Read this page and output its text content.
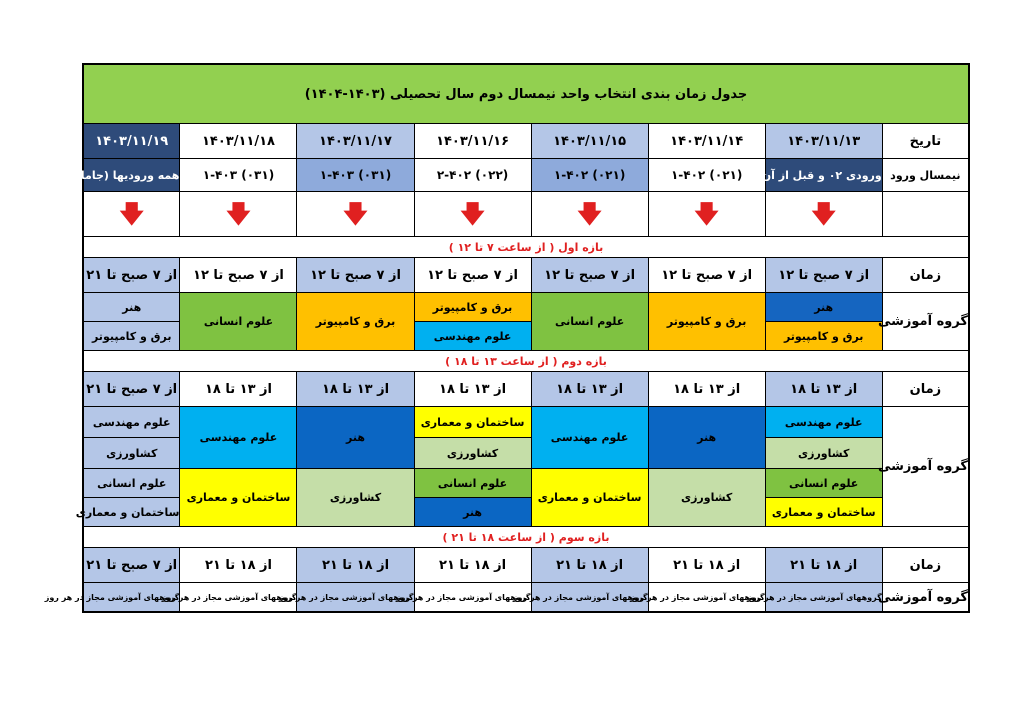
جدول زمان بندی انتخاب واحد نیمسال دوم سال تحصیلی (۱۴۰۳-۱۴۰۴)							
تاریخ	۱۴۰۳/۱۱/۱۳	۱۴۰۳/۱۱/۱۴	۱۴۰۳/۱۱/۱۵	۱۴۰۳/۱۱/۱۶	۱۴۰۳/۱۱/۱۷	۱۴۰۳/۱۱/۱۸	۱۴۰۳/۱۱/۱۹
نیمسال ورود	ورودی ۰۲ و قبل از آن	(۰۲۱) ۱-۴۰۲	(۰۲۱) ۱-۴۰۲	(۰۲۲) ۲-۴۰۲	(۰۳۱) ۱-۴۰۳	(۰۳۱) ۱-۴۰۳	همه ورودیها (جامانده)
	🡇	🡇	🡇	🡇	🡇	🡇	🡇
بازه اول ( از ساعت ۷ تا ۱۲ )							
زمان	از ۷ صبح تا ۱۲	از ۷ صبح تا ۱۲	از ۷ صبح تا ۱۲	از ۷ صبح تا ۱۲	از ۷ صبح تا ۱۲	از ۷ صبح تا ۱۲	از ۷ صبح تا ۲۱
گروه آموزشی	هنر	برق و کامپیوتر	علوم انسانی	برق و کامپیوتر	برق و کامپیوتر	علوم انسانی	هنر
	برق و کامپیوتر			علوم مهندسی			برق و کامپیوتر
بازه دوم ( از ساعت ۱۳ تا ۱۸ )							
زمان	از ۱۳ تا ۱۸	از ۱۳ تا ۱۸	از ۱۳ تا ۱۸	از ۱۳ تا ۱۸	از ۱۳ تا ۱۸	از ۱۳ تا ۱۸	از ۷ صبح تا ۲۱
گروه آموزشی	علوم مهندسی	هنر	علوم مهندسی	ساختمان و معماری	هنر	علوم مهندسی	علوم مهندسی
	کشاورزی			کشاورزی			کشاورزی
	علوم انسانی	کشاورزی	ساختمان و معماری	علوم انسانی	کشاورزی	ساختمان و معماری	علوم انسانی
	ساختمان و معماری			هنر			ساختمان و معماری
بازه سوم ( از ساعت ۱۸ تا ۲۱ )							
زمان	از ۱۸ تا ۲۱	از ۱۸ تا ۲۱	از ۱۸ تا ۲۱	از ۱۸ تا ۲۱	از ۱۸ تا ۲۱	از ۱۸ تا ۲۱	از ۷ صبح تا ۲۱
گروه آموزشی	گروههای آموزشی مجاز در هر روز	گروههای آموزشی مجاز در هر روز	گروههای آموزشی مجاز در هر روز	گروههای آموزشی مجاز در هر روز	گروههای آموزشی مجاز در هر روز	گروههای آموزشی مجاز در هر روز	گروههای آموزشی مجاز در هر روز
